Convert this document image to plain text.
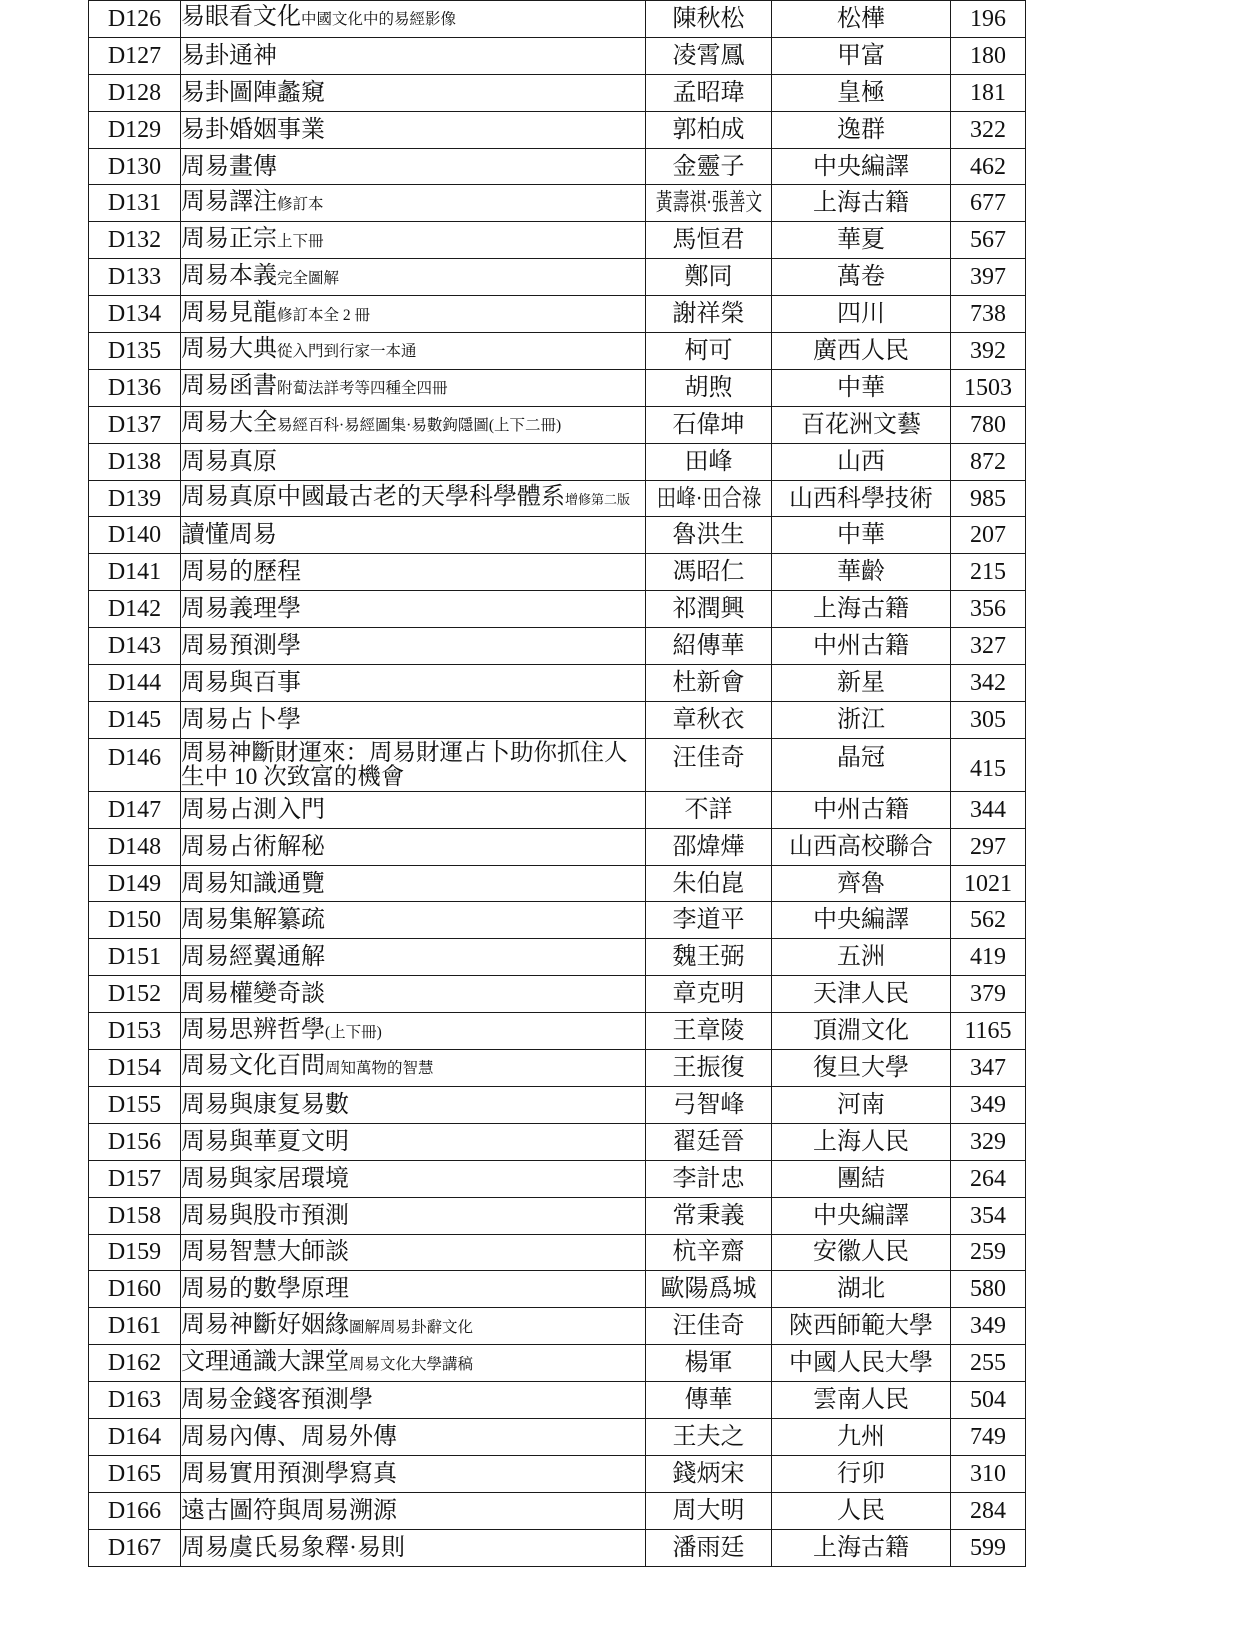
D126	易眼看文化中國文化中的易經影像	陳秋松	松樺	196
D127	易卦通神	凌霄鳳	甲富	180
D128	易卦圖陣蠡窺	孟昭瑋	皇極	181
D129	易卦婚姻事業	郭柏成	逸群	322
D130	周易畫傳	金靈子	中央編譯	462
D131	周易譯注修訂本	黃壽祺·張善文	上海古籍	677
D132	周易正宗上下冊	馬恒君	華夏	567
D133	周易本義完全圖解	鄭同	萬卷	397
D134	周易見龍修訂本全 2 冊	謝祥榮	四川	738
D135	周易大典從入門到行家一本通	柯可	廣西人民	392
D136	周易函書附蔔法詳考等四種全四冊	胡煦	中華	1503
D137	周易大全易經百科·易經圖集·易數鉤隱圖(上下二冊)	石偉坤	百花洲文藝	780
D138	周易真原	田峰	山西	872
D139	周易真原中國最古老的天學科學體系增修第二版	田峰·田合祿	山西科學技術	985
D140	讀懂周易	魯洪生	中華	207
D141	周易的歷程	馮昭仁	華齡	215
D142	周易義理學	祁潤興	上海古籍	356
D143	周易預測學	紹傳華	中州古籍	327
D144	周易與百事	杜新會	新星	342
D145	周易占卜學	章秋衣	浙江	305
D146	周易神斷財運來：周易財運占卜助你抓住人
生中 10 次致富的機會	汪佳奇	晶冠	415
D147	周易占測入門	不詳	中州古籍	344
D148	周易占術解秘	邵煒燁	山西高校聯合	297
D149	周易知識通覽	朱伯崑	齊魯	1021
D150	周易集解纂疏	李道平	中央編譯	562
D151	周易經翼通解	魏王弼	五洲	419
D152	周易權變奇談	章克明	天津人民	379
D153	周易思辨哲學(上下冊)	王章陵	頂淵文化	1165
D154	周易文化百問周知萬物的智慧	王振復	復旦大學	347
D155	周易與康复易數	弓智峰	河南	349
D156	周易與華夏文明	翟廷晉	上海人民	329
D157	周易與家居環境	李計忠	團結	264
D158	周易與股市預測	常秉義	中央編譯	354
D159	周易智慧大師談	杭辛齋	安徽人民	259
D160	周易的數學原理	歐陽爲城	湖北	580
D161	周易神斷好姻緣圖解周易卦辭文化	汪佳奇	陝西師範大學	349
D162	文理通識大課堂周易文化大學講稿	楊軍	中國人民大學	255
D163	周易金錢客預測學	傳華	雲南人民	504
D164	周易內傳、周易外傳	王夫之	九州	749
D165	周易實用預測學寫真	錢炳宋	行卯	310
D166	遠古圖符與周易溯源	周大明	人民	284
D167	周易虞氏易象釋·易則	潘雨廷	上海古籍	599
